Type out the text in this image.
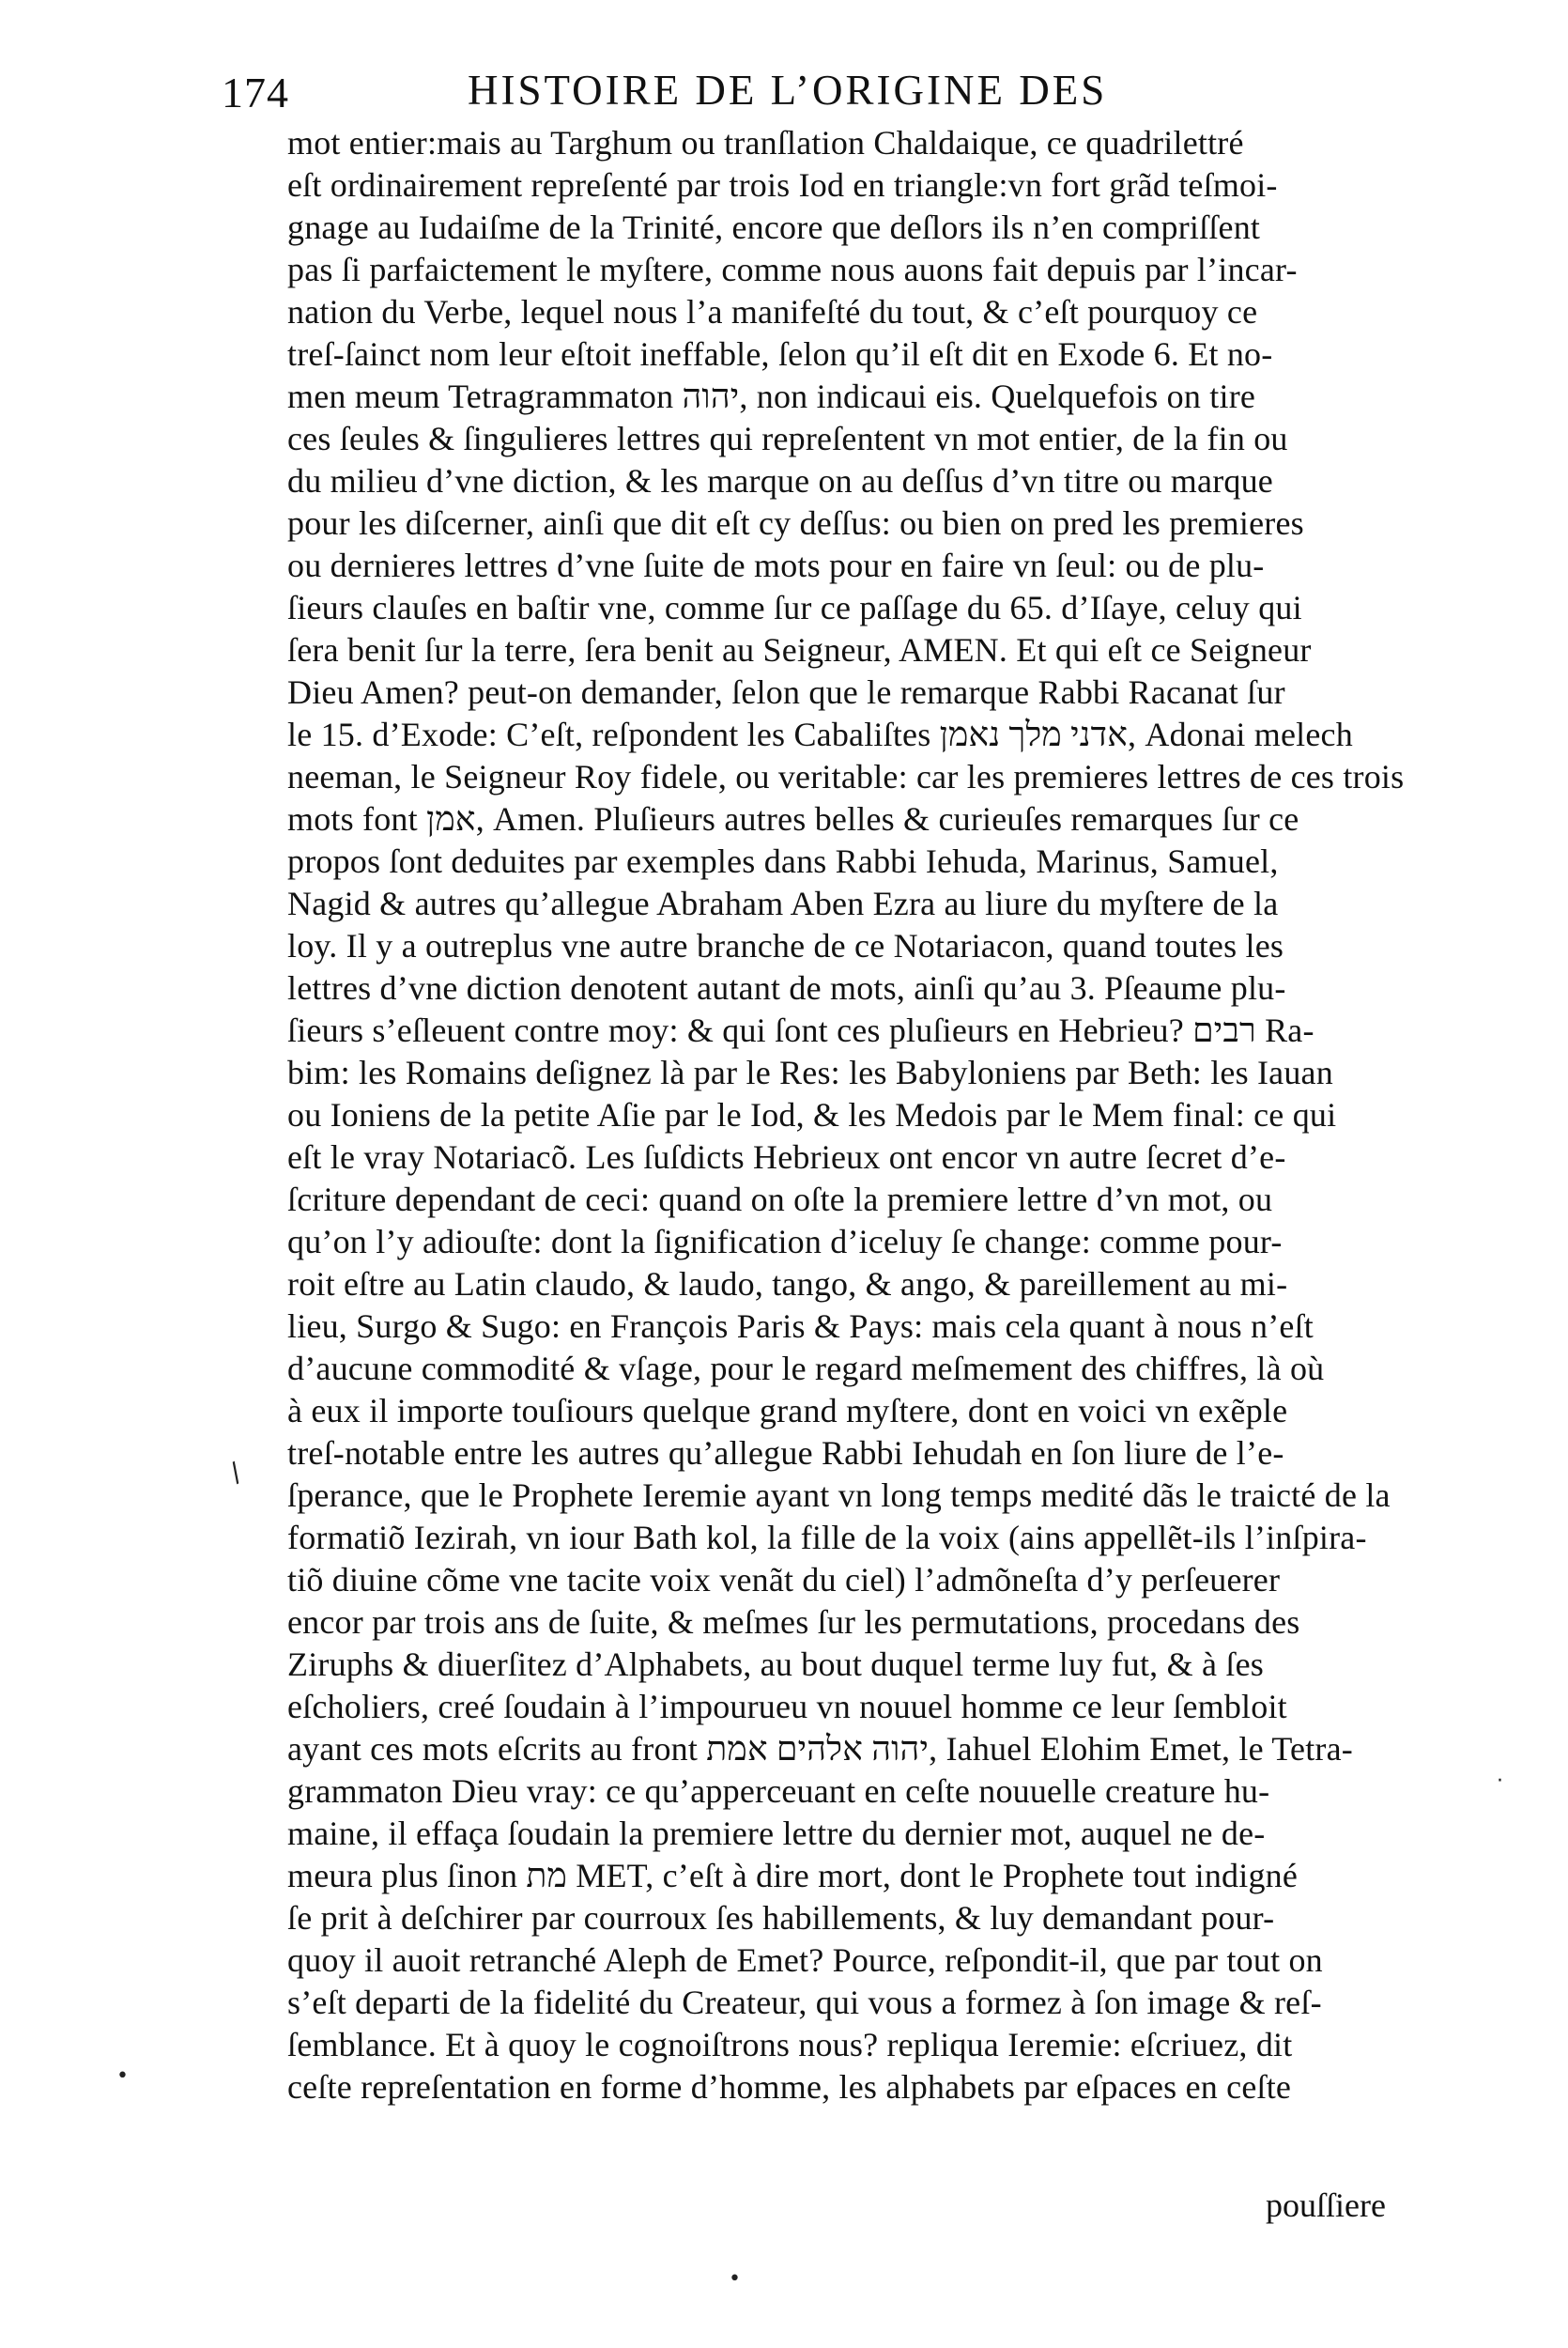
174	HISTOIRE DE L’ORIGINE DES
mot entier:mais au Targhum ou tranſlation Chaldaique, ce quadrilettré
eſt ordinairement repreſenté par trois Iod en triangle:vn fort grãd teſmoi-
gnage au Iudaiſme de la Trinité, encore que deſlors ils n’en compriſſent
pas ſi parfaictement le myſtere, comme nous auons fait depuis par l’incar-
nation du Verbe, lequel nous l’a manifeſté du tout, & c’eſt pourquoy ce
treſ-ſainct nom leur eſtoit ineffable, ſelon qu’il eſt dit en Exode 6. Et no-
men meum Tetragrammaton יהוה, non indicaui eis. Quelquefois on tire
ces ſeules & ſingulieres lettres qui repreſentent vn mot entier, de la fin ou
du milieu d’vne diction, & les marque on au deſſus d’vn titre ou marque
pour les diſcerner, ainſi que dit eſt cy deſſus: ou bien on pred les premieres
ou dernieres lettres d’vne ſuite de mots pour en faire vn ſeul: ou de plu-
ſieurs clauſes en baſtir vne, comme ſur ce paſſage du 65. d’Iſaye, celuy qui
ſera benit ſur la terre, ſera benit au Seigneur, AMEN. Et qui eſt ce Seigneur
Dieu Amen? peut-on demander, ſelon que le remarque Rabbi Racanat ſur
le 15. d’Exode: C’eſt, reſpondent les Cabaliſtes אדני מלך נאמן, Adonai melech
neeman, le Seigneur Roy fidele, ou veritable: car les premieres lettres de ces trois
mots font אמן, Amen. Pluſieurs autres belles & curieuſes remarques ſur ce
propos ſont deduites par exemples dans Rabbi Iehuda, Marinus, Samuel,
Nagid & autres qu’allegue Abraham Aben Ezra au liure du myſtere de la
loy. Il y a outreplus vne autre branche de ce Notariacon, quand toutes les
lettres d’vne diction denotent autant de mots, ainſi qu’au 3. Pſeaume plu-
ſieurs s’eſleuent contre moy: & qui ſont ces pluſieurs en Hebrieu? רבים Ra-
bim: les Romains deſignez là par le Res: les Babyloniens par Beth: les Iauan
ou Ioniens de la petite Aſie par le Iod, & les Medois par le Mem final: ce qui
eſt le vray Notariacõ. Les ſuſdicts Hebrieux ont encor vn autre ſecret d’e-
ſcriture dependant de ceci: quand on oſte la premiere lettre d’vn mot, ou
qu’on l’y adiouſte: dont la ſignification d’iceluy ſe change: comme pour-
roit eſtre au Latin claudo, & laudo, tango, & ango, & pareillement au mi-
lieu, Surgo & Sugo: en François Paris & Pays: mais cela quant à nous n’eſt
d’aucune commodité & vſage, pour le regard meſmement des chiffres, là où
à eux il importe touſiours quelque grand myſtere, dont en voici vn exẽple
treſ-notable entre les autres qu’allegue Rabbi Iehudah en ſon liure de l’e-
ſperance, que le Prophete Ieremie ayant vn long temps medité dãs le traicté de la
formatiõ Iezirah, vn iour Bath kol, la fille de la voix (ains appellẽt-ils l’inſpira-
tiõ diuine cõme vne tacite voix venãt du ciel) l’admõneſta d’y perſeuerer
encor par trois ans de ſuite, & meſmes ſur les permutations, procedans des
Ziruphs & diuerſitez d’Alphabets, au bout duquel terme luy fut, & à ſes
eſcholiers, creé ſoudain à l’impourueu vn nouuel homme ce leur ſembloit
ayant ces mots eſcrits au front יהוה אלהים אמת, Iahuel Elohim Emet, le Tetra-
grammaton Dieu vray: ce qu’apperceuant en ceſte nouuelle creature hu-
maine, il effaça ſoudain la premiere lettre du dernier mot, auquel ne de-
meura plus ſinon מת MET, c’eſt à dire mort, dont le Prophete tout indigné
ſe prit à deſchirer par courroux ſes habillements, & luy demandant pour-
quoy il auoit retranché Aleph de Emet? Pource, reſpondit-il, que par tout on
s’eſt departi de la fidelité du Createur, qui vous a formez à ſon image & reſ-
ſemblance. Et à quoy le cognoiſtrons nous? repliqua Ieremie: eſcriuez, dit
ceſte repreſentation en forme d’homme, les alphabets par eſpaces en ceſte
pouſſiere
/
•
•
·
